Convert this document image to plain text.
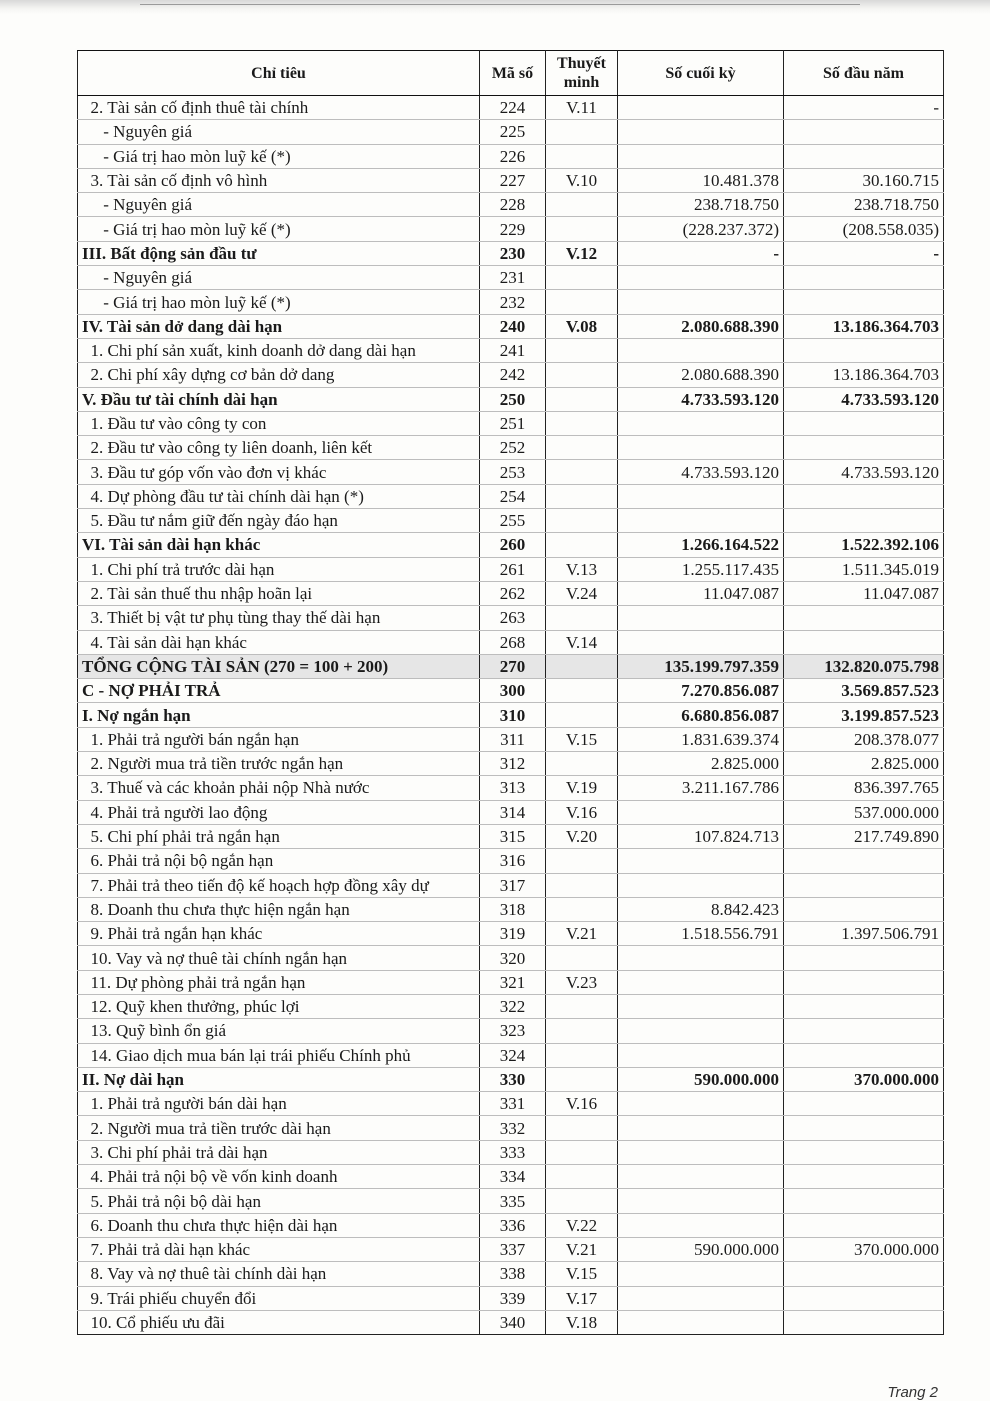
Chỉ tiêu	Mã số	Thuyết minh	Số cuối kỳ	Số đầu năm
2. Tài sản cố định thuê tài chính	224	V.11		-
- Nguyên giá	225			
- Giá trị hao mòn luỹ kế (*)	226			
3. Tài sản cố định vô hình	227	V.10	10.481.378	30.160.715
- Nguyên giá	228		238.718.750	238.718.750
- Giá trị hao mòn luỹ kế (*)	229		(228.237.372)	(208.558.035)
III. Bất động sản đầu tư	230	V.12	-	-
- Nguyên giá	231			
- Giá trị hao mòn luỹ kế (*)	232			
IV. Tài sản dở dang dài hạn	240	V.08	2.080.688.390	13.186.364.703
1. Chi phí sản xuất, kinh doanh dở dang dài hạn	241			
2. Chi phí xây dựng cơ bản dở dang	242		2.080.688.390	13.186.364.703
V. Đầu tư tài chính dài hạn	250		4.733.593.120	4.733.593.120
1. Đầu tư vào công ty con	251			
2. Đầu tư vào công ty liên doanh, liên kết	252			
3. Đầu tư góp vốn vào đơn vị khác	253		4.733.593.120	4.733.593.120
4. Dự phòng đầu tư tài chính dài hạn (*)	254			
5. Đầu tư nắm giữ đến ngày đáo hạn	255			
VI. Tài sản dài hạn khác	260		1.266.164.522	1.522.392.106
1. Chi phí trả trước dài hạn	261	V.13	1.255.117.435	1.511.345.019
2. Tài sản thuế thu nhập hoãn lại	262	V.24	11.047.087	11.047.087
3. Thiết bị vật tư phụ tùng thay thế dài hạn	263			
4. Tài sản dài hạn khác	268	V.14		
TỔNG CỘNG TÀI SẢN (270 = 100 + 200)	270		135.199.797.359	132.820.075.798
C - NỢ PHẢI TRẢ	300		7.270.856.087	3.569.857.523
I. Nợ ngắn hạn	310		6.680.856.087	3.199.857.523
1. Phải trả người bán ngắn hạn	311	V.15	1.831.639.374	208.378.077
2. Người mua trả tiền trước ngắn hạn	312		2.825.000	2.825.000
3. Thuế và các khoản phải nộp Nhà nước	313	V.19	3.211.167.786	836.397.765
4. Phải trả người lao động	314	V.16		537.000.000
5. Chi phí phải trả ngắn hạn	315	V.20	107.824.713	217.749.890
6. Phải trả nội bộ ngắn hạn	316			
7. Phải trả theo tiến độ kế hoạch hợp đồng xây dự	317			
8. Doanh thu chưa thực hiện ngắn hạn	318		8.842.423	
9. Phải trả ngắn hạn khác	319	V.21	1.518.556.791	1.397.506.791
10. Vay và nợ thuê tài chính ngắn hạn	320			
11. Dự phòng phải trả ngắn hạn	321	V.23		
12. Quỹ khen thưởng, phúc lợi	322			
13. Quỹ bình ổn giá	323			
14. Giao dịch mua bán lại trái phiếu Chính phủ	324			
II. Nợ dài hạn	330		590.000.000	370.000.000
1. Phải trả người bán dài hạn	331	V.16		
2. Người mua trả tiền trước dài hạn	332			
3. Chi phí phải trả dài hạn	333			
4. Phải trả nội bộ về vốn kinh doanh	334			
5. Phải trả nội bộ dài hạn	335			
6. Doanh thu chưa thực hiện dài hạn	336	V.22		
7. Phải trả dài hạn khác	337	V.21	590.000.000	370.000.000
8. Vay và nợ thuê tài chính dài hạn	338	V.15		
9. Trái phiếu chuyển đổi	339	V.17		
10. Cổ phiếu ưu đãi	340	V.18		
Trang 2
